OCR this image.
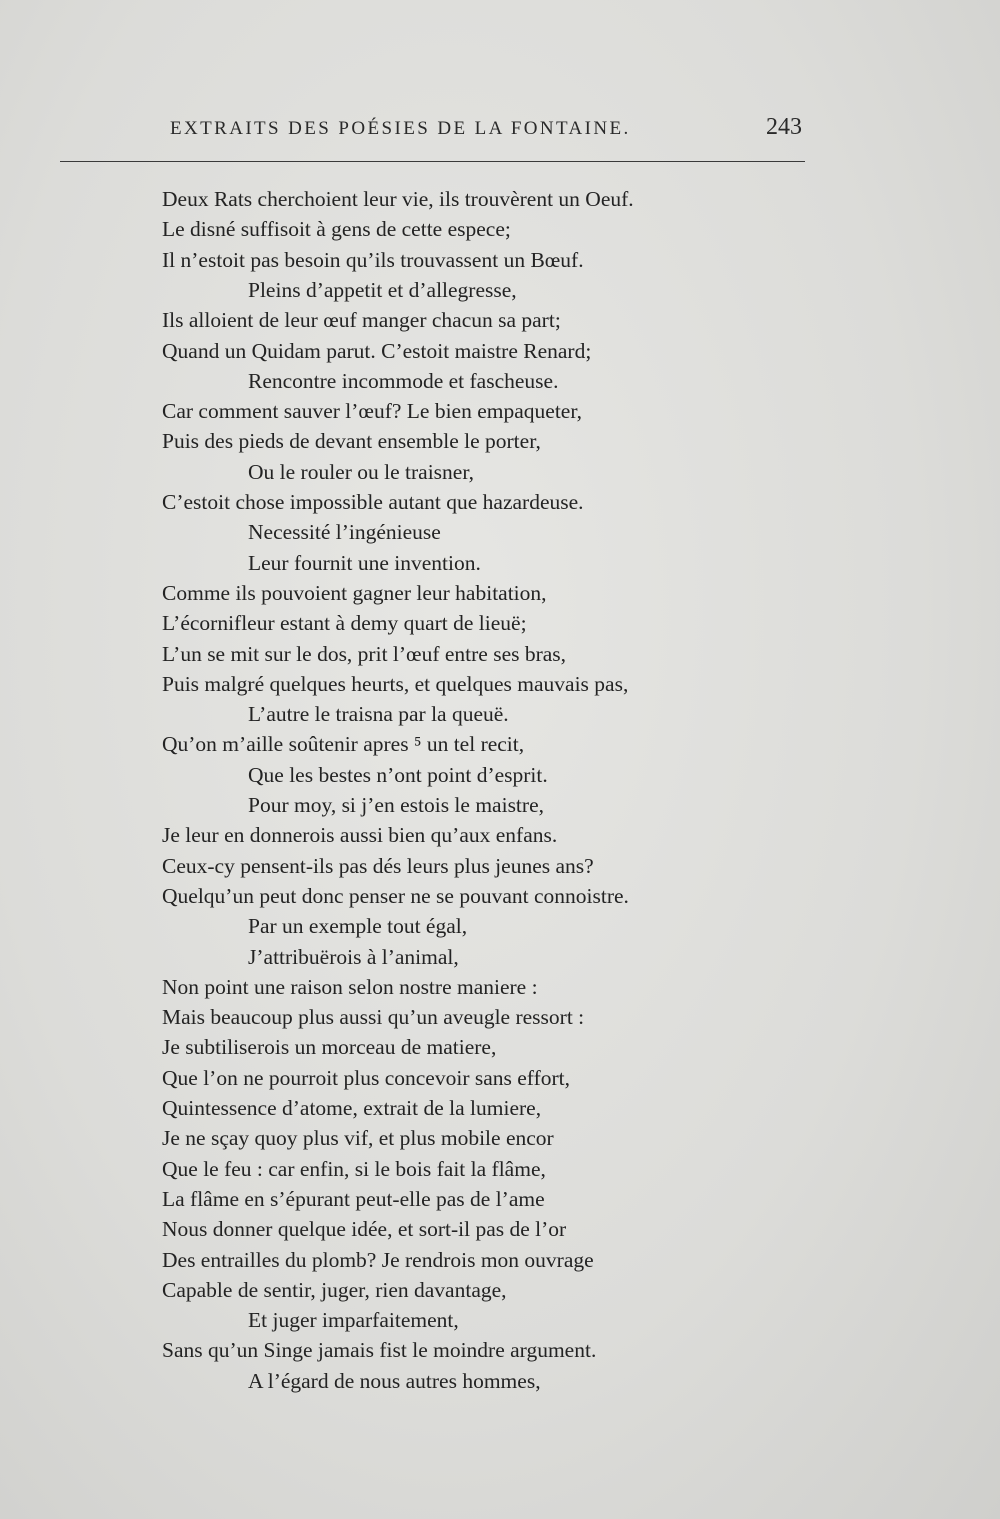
EXTRAITS DES POÉSIES DE LA FONTAINE.	243
Deux Rats cherchoient leur vie, ils trouvèrent un Oeuf.
Le disné suffisoit à gens de cette espece;
Il n’estoit pas besoin qu’ils trouvassent un Bœuf.
Pleins d’appetit et d’allegresse,
Ils alloient de leur œuf manger chacun sa part;
Quand un Quidam parut. C’estoit maistre Renard;
Rencontre incommode et fascheuse.
Car comment sauver l’œuf? Le bien empaqueter,
Puis des pieds de devant ensemble le porter,
Ou le rouler ou le traisner,
C’estoit chose impossible autant que hazardeuse.
Necessité l’ingénieuse
Leur fournit une invention.
Comme ils pouvoient gagner leur habitation,
L’écornifleur estant à demy quart de lieuë;
L’un se mit sur le dos, prit l’œuf entre ses bras,
Puis malgré quelques heurts, et quelques mauvais pas,
L’autre le traisna par la queuë.
Qu’on m’aille soûtenir apres ⁵ un tel recit,
Que les bestes n’ont point d’esprit.
Pour moy, si j’en estois le maistre,
Je leur en donnerois aussi bien qu’aux enfans.
Ceux-cy pensent-ils pas dés leurs plus jeunes ans?
Quelqu’un peut donc penser ne se pouvant connoistre.
Par un exemple tout égal,
J’attribuërois à l’animal,
Non point une raison selon nostre maniere :
Mais beaucoup plus aussi qu’un aveugle ressort :
Je subtiliserois un morceau de matiere,
Que l’on ne pourroit plus concevoir sans effort,
Quintessence d’atome, extrait de la lumiere,
Je ne sçay quoy plus vif, et plus mobile encor
Que le feu : car enfin, si le bois fait la flâme,
La flâme en s’épurant peut-elle pas de l’ame
Nous donner quelque idée, et sort-il pas de l’or
Des entrailles du plomb? Je rendrois mon ouvrage
Capable de sentir, juger, rien davantage,
Et juger imparfaitement,
Sans qu’un Singe jamais fist le moindre argument.
A l’égard de nous autres hommes,
